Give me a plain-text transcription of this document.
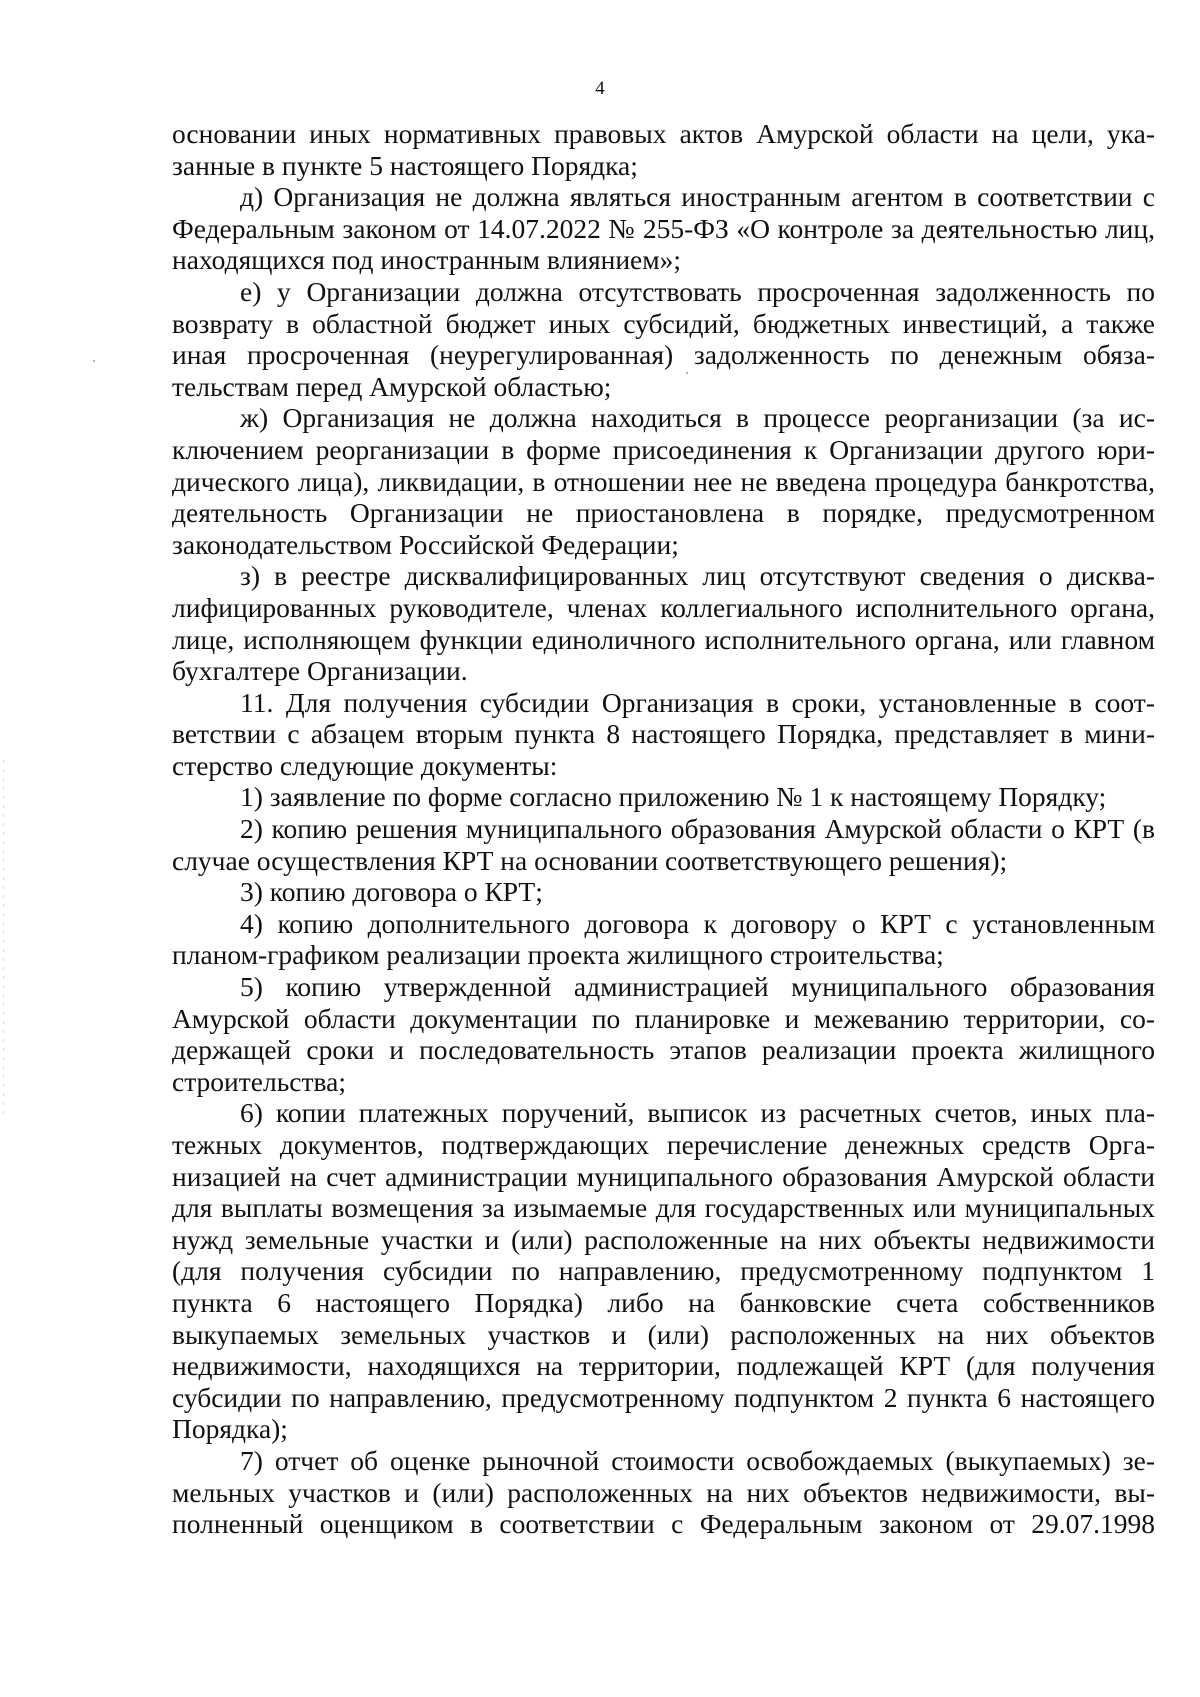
4

основании иных нормативных правовых актов Амурской области на цели, указанные в пункте 5 настоящего Порядка;

д) Организация не должна являться иностранным агентом в соответствии с Федеральным законом от 14.07.2022 № 255-ФЗ «О контроле за деятельностью лиц, находящихся под иностранным влиянием»;

е) у Организации должна отсутствовать просроченная задолженность по возврату в областной бюджет иных субсидий, бюджетных инвестиций, а также иная просроченная (неурегулированная) задолженность по денежным обязательствам перед Амурской областью;

ж) Организация не должна находиться в процессе реорганизации (за исключением реорганизации в форме присоединения к Организации другого юридического лица), ликвидации, в отношении нее не введена процедура банкротства, деятельность Организации не приостановлена в порядке, предусмотренном законодательством Российской Федерации;

з) в реестре дисквалифицированных лиц отсутствуют сведения о дисквалифицированных руководителе, членах коллегиального исполнительного органа, лице, исполняющем функции единоличного исполнительного органа, или главном бухгалтере Организации.

11. Для получения субсидии Организация в сроки, установленные в соответствии с абзацем вторым пункта 8 настоящего Порядка, представляет в министерство следующие документы:

1) заявление по форме согласно приложению № 1 к настоящему Порядку;

2) копию решения муниципального образования Амурской области о КРТ (в случае осуществления КРТ на основании соответствующего решения);

3) копию договора о КРТ;

4) копию дополнительного договора к договору о КРТ с установленным планом-графиком реализации проекта жилищного строительства;

5) копию утвержденной администрацией муниципального образования Амурской области документации по планировке и межеванию территории, содержащей сроки и последовательность этапов реализации проекта жилищного строительства;

6) копии платежных поручений, выписок из расчетных счетов, иных платежных документов, подтверждающих перечисление денежных средств Организацией на счет администрации муниципального образования Амурской области для выплаты возмещения за изымаемые для государственных или муниципальных нужд земельные участки и (или) расположенные на них объекты недвижимости (для получения субсидии по направлению, предусмотренному подпунктом 1 пункта 6 настоящего Порядка) либо на банковские счета собственников выкупаемых земельных участков и (или) расположенных на них объектов недвижимости, находящихся на территории, подлежащей КРТ (для получения субсидии по направлению, предусмотренному подпунктом 2 пункта 6 настоящего Порядка);

7) отчет об оценке рыночной стоимости освобождаемых (выкупаемых) земельных участков и (или) расположенных на них объектов недвижимости, выполненный оценщиком в соответствии с Федеральным законом от 29.07.1998
